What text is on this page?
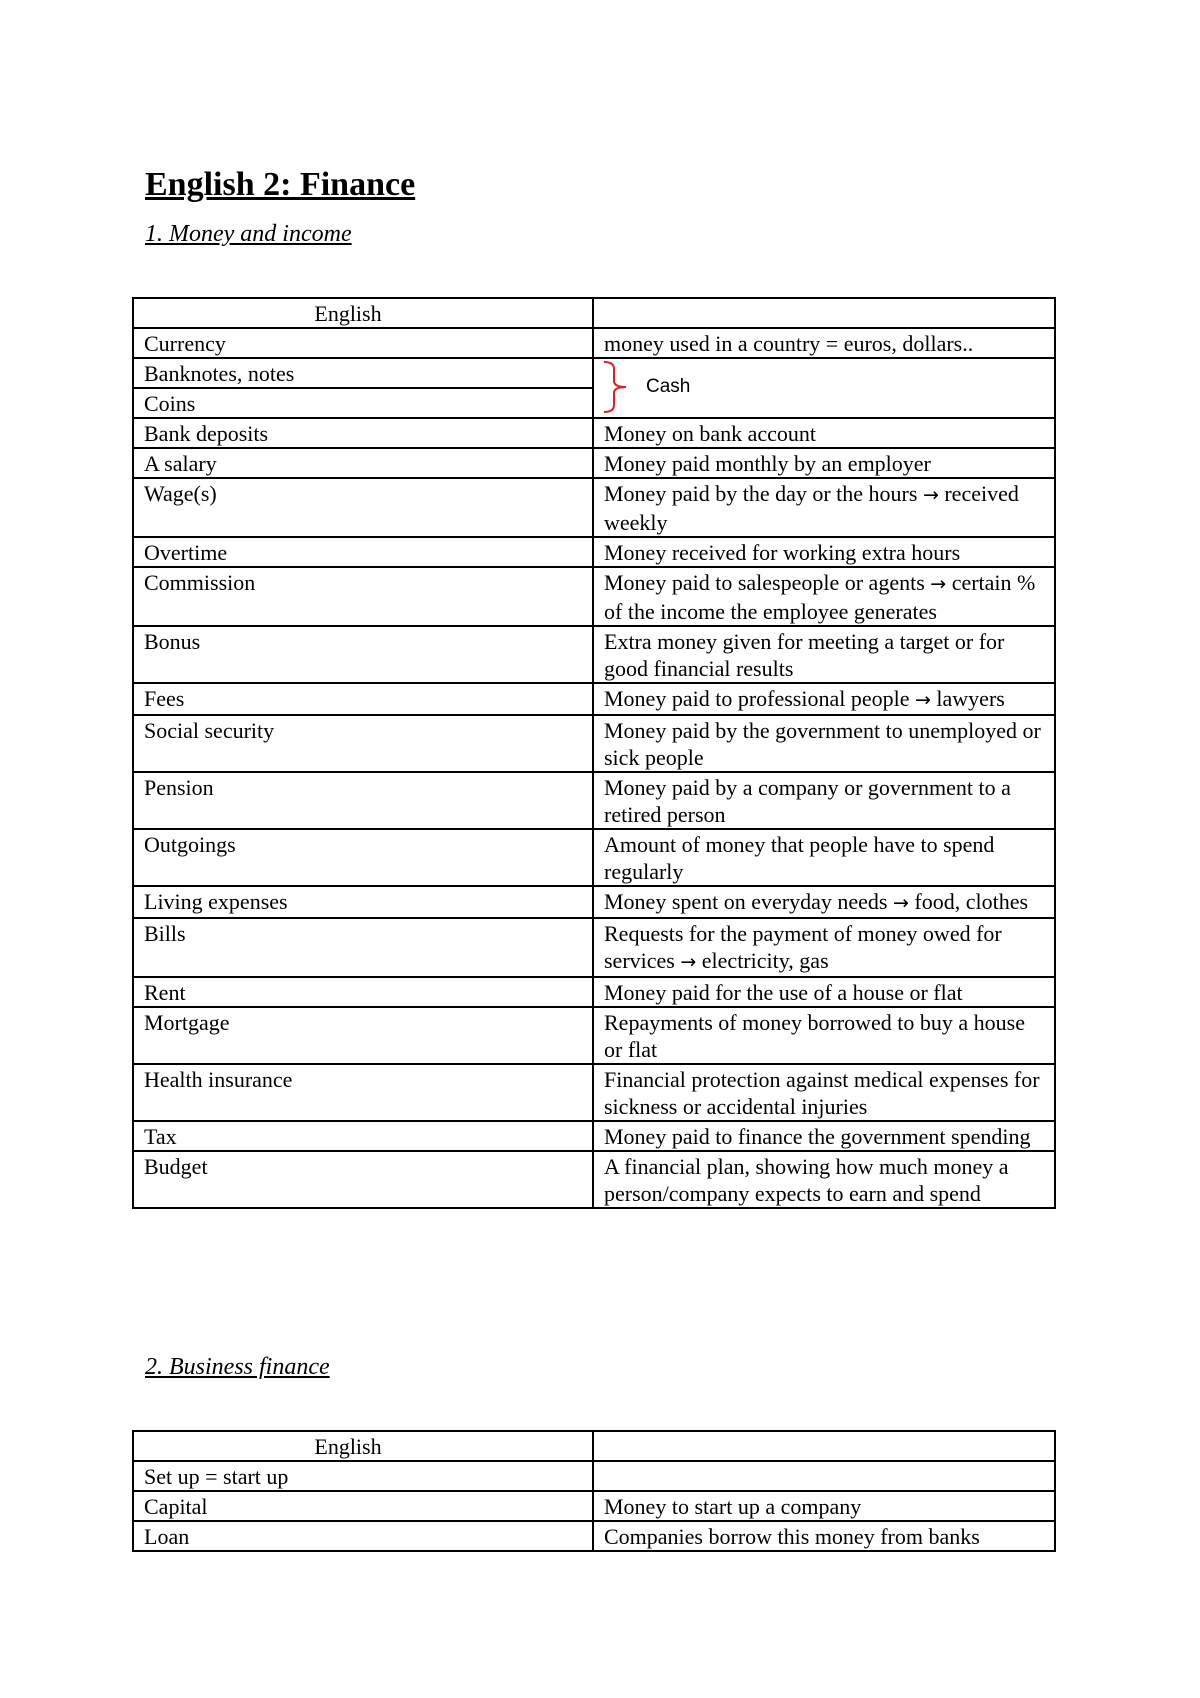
English 2: Finance
1. Money and income
English	
Currency	money used in a country = euros, dollars..
Banknotes, notes	Cash

Coins	
Bank deposits	Money on bank account
A salary	Money paid monthly by an employer
Wage(s)	Money paid by the day or the hours → received weekly
Overtime	Money received for working extra hours
Commission	Money paid to salespeople or agents → certain % of the income the employee generates
Bonus	Extra money given for meeting a target or for good financial results
Fees	Money paid to professional people → lawyers
Social security	Money paid by the government to unemployed or sick people
Pension	Money paid by a company or government to a retired person
Outgoings	Amount of money that people have to spend regularly
Living expenses	Money spent on everyday needs → food, clothes
Bills	Requests for the payment of money owed for services → electricity, gas
Rent	Money paid for the use of a house or flat
Mortgage	Repayments of money borrowed to buy a house or flat
Health insurance	Financial protection against medical expenses for sickness or accidental injuries
Tax	Money paid to finance the government spending
Budget	A financial plan, showing how much money a person/company expects to earn and spend
2. Business finance
English	
Set up = start up	
Capital	Money to start up a company
Loan	Companies borrow this money from banks
